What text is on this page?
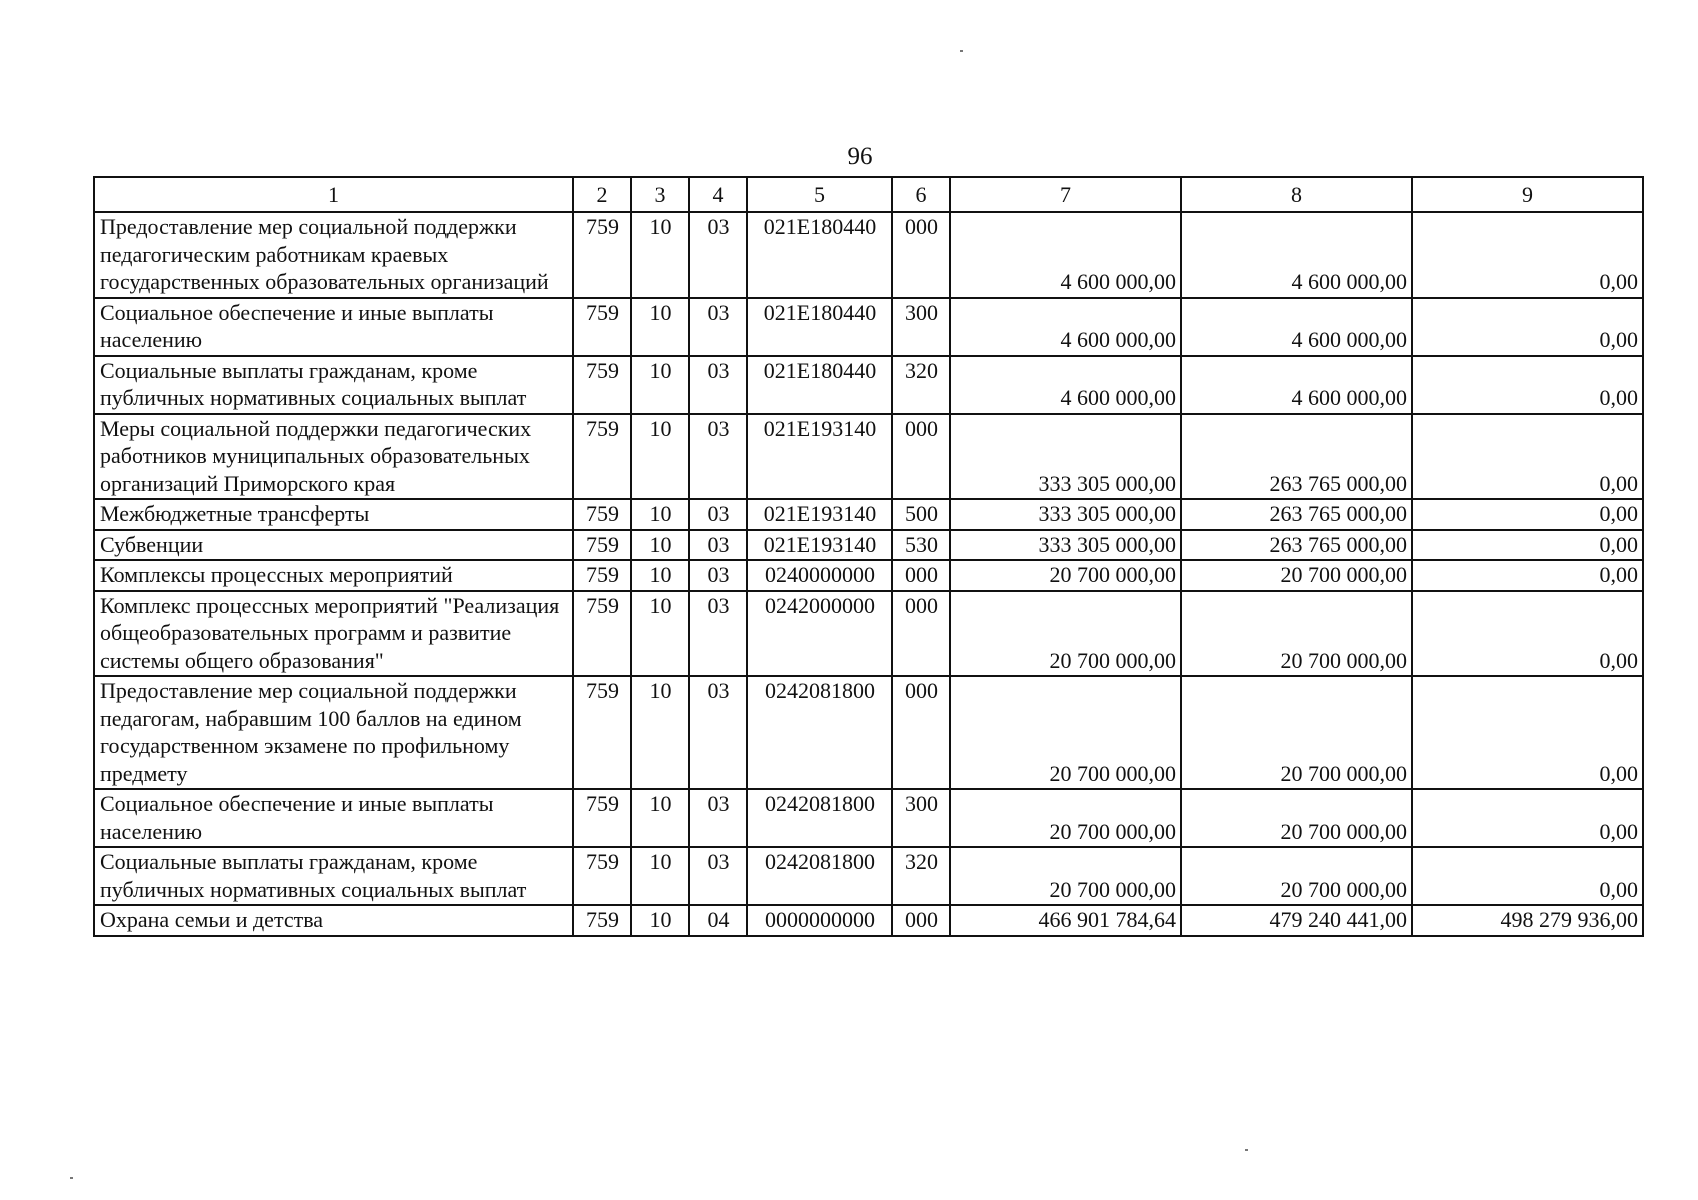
96
1	2	3	4	5	6	7	8	9
Предоставление мер социальной поддержки педагогическим работникам краевых государственных образовательных организаций	759	10	03	021Е180440	000	4 600 000,00	4 600 000,00	0,00
Социальное обеспечение и иные выплаты населению	759	10	03	021Е180440	300	4 600 000,00	4 600 000,00	0,00
Социальные выплаты гражданам, кроме публичных нормативных социальных выплат	759	10	03	021Е180440	320	4 600 000,00	4 600 000,00	0,00
Меры социальной поддержки педагогических работников муниципальных образовательных организаций Приморского края	759	10	03	021Е193140	000	333 305 000,00	263 765 000,00	0,00
Межбюджетные трансферты	759	10	03	021Е193140	500	333 305 000,00	263 765 000,00	0,00
Субвенции	759	10	03	021Е193140	530	333 305 000,00	263 765 000,00	0,00
Комплексы процессных мероприятий	759	10	03	0240000000	000	20 700 000,00	20 700 000,00	0,00
Комплекс процессных мероприятий "Реализация общеобразовательных программ и развитие системы общего образования"	759	10	03	0242000000	000	20 700 000,00	20 700 000,00	0,00
Предоставление мер социальной поддержки педагогам, набравшим 100 баллов на едином государственном экзамене по профильному предмету	759	10	03	0242081800	000	20 700 000,00	20 700 000,00	0,00
Социальное обеспечение и иные выплаты населению	759	10	03	0242081800	300	20 700 000,00	20 700 000,00	0,00
Социальные выплаты гражданам, кроме публичных нормативных социальных выплат	759	10	03	0242081800	320	20 700 000,00	20 700 000,00	0,00
Охрана семьи и детства	759	10	04	0000000000	000	466 901 784,64	479 240 441,00	498 279 936,00
